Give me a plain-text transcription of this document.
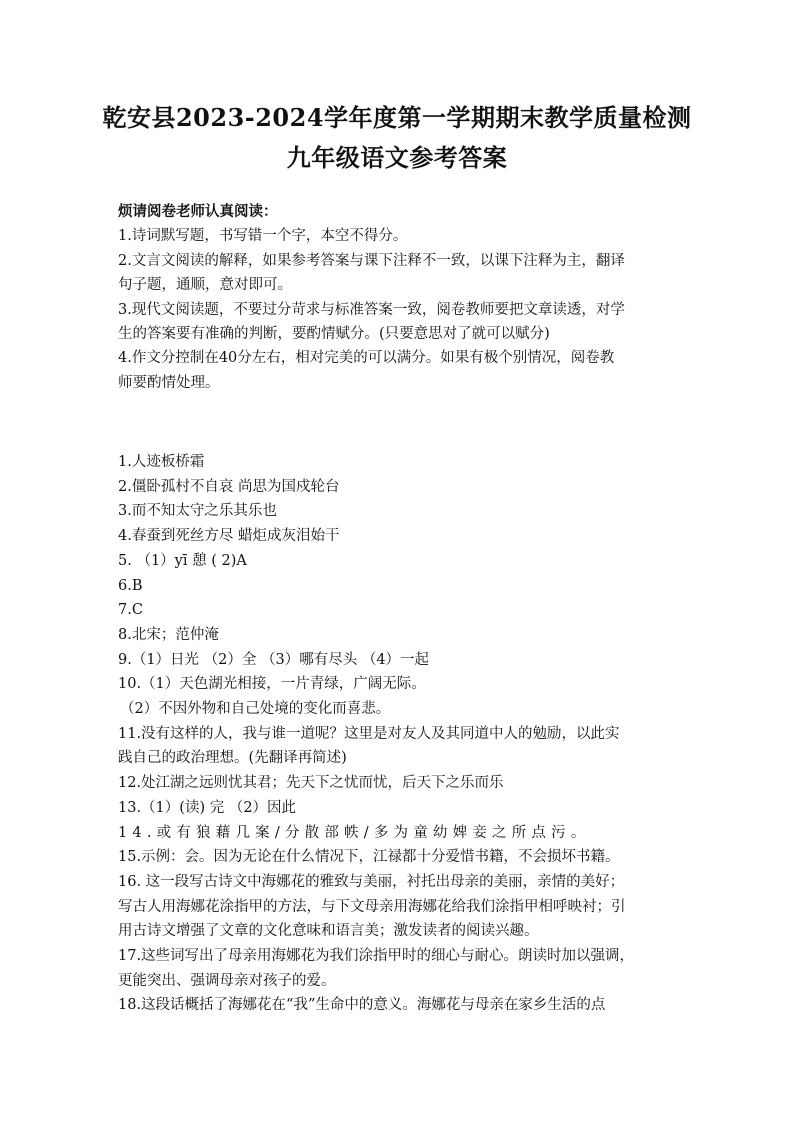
乾安县2023-2024学年度第一学期期末教学质量检测
九年级语文参考答案

烦请阅卷老师认真阅读：

1.诗词默写题，书写错一个字，本空不得分。

2.文言文阅读的解释，如果参考答案与课下注释不一致，以课下注释为主，翻译

句子题，通顺，意对即可。

3.现代文阅读题，不要过分苛求与标准答案一致，阅卷教师要把文章读透，对学

生的答案要有准确的判断，要酌情赋分。(只要意思对了就可以赋分)

4.作文分控制在40分左右，相对完美的可以满分。如果有极个别情况，阅卷教

师要酌情处理。

1.人迹板桥霜

2.僵卧孤村不自哀 尚思为国戍轮台

3.而不知太守之乐其乐也

4.春蚕到死丝方尽 蜡炬成灰泪始干

5. （1）yī 憩 ( 2)A

6.B

7.C

8.北宋；范仲淹

9.（1）日光 （2）全 （3）哪有尽头 （4）一起

10.（1）天色湖光相接，一片青绿，广阔无际。

（2）不因外物和自己处境的变化而喜悲。

11.没有这样的人，我与谁一道呢？这里是对友人及其同道中人的勉励，以此实

践自己的政治理想。(先翻译再简述)

12.处江湖之远则忧其君；先天下之忧而忧，后天下之乐而乐

13.（1）(读) 完 （2）因此

14.或有狼藉几案/分散部帙/多为童幼婢妾之所点污。

15.示例：会。因为无论在什么情况下，江禄都十分爱惜书籍，不会损坏书籍。

16. 这一段写古诗文中海娜花的雅致与美丽，衬托出母亲的美丽，亲情的美好；

写古人用海娜花涂指甲的方法，与下文母亲用海娜花给我们涂指甲相呼映衬；引

用古诗文增强了文章的文化意味和语言美；激发读者的阅读兴趣。

17.这些词写出了母亲用海娜花为我们涂指甲时的细心与耐心。朗读时加以强调，

更能突出、强调母亲对孩子的爱。

18.这段话概括了海娜花在“我”生命中的意义。海娜花与母亲在家乡生活的点
